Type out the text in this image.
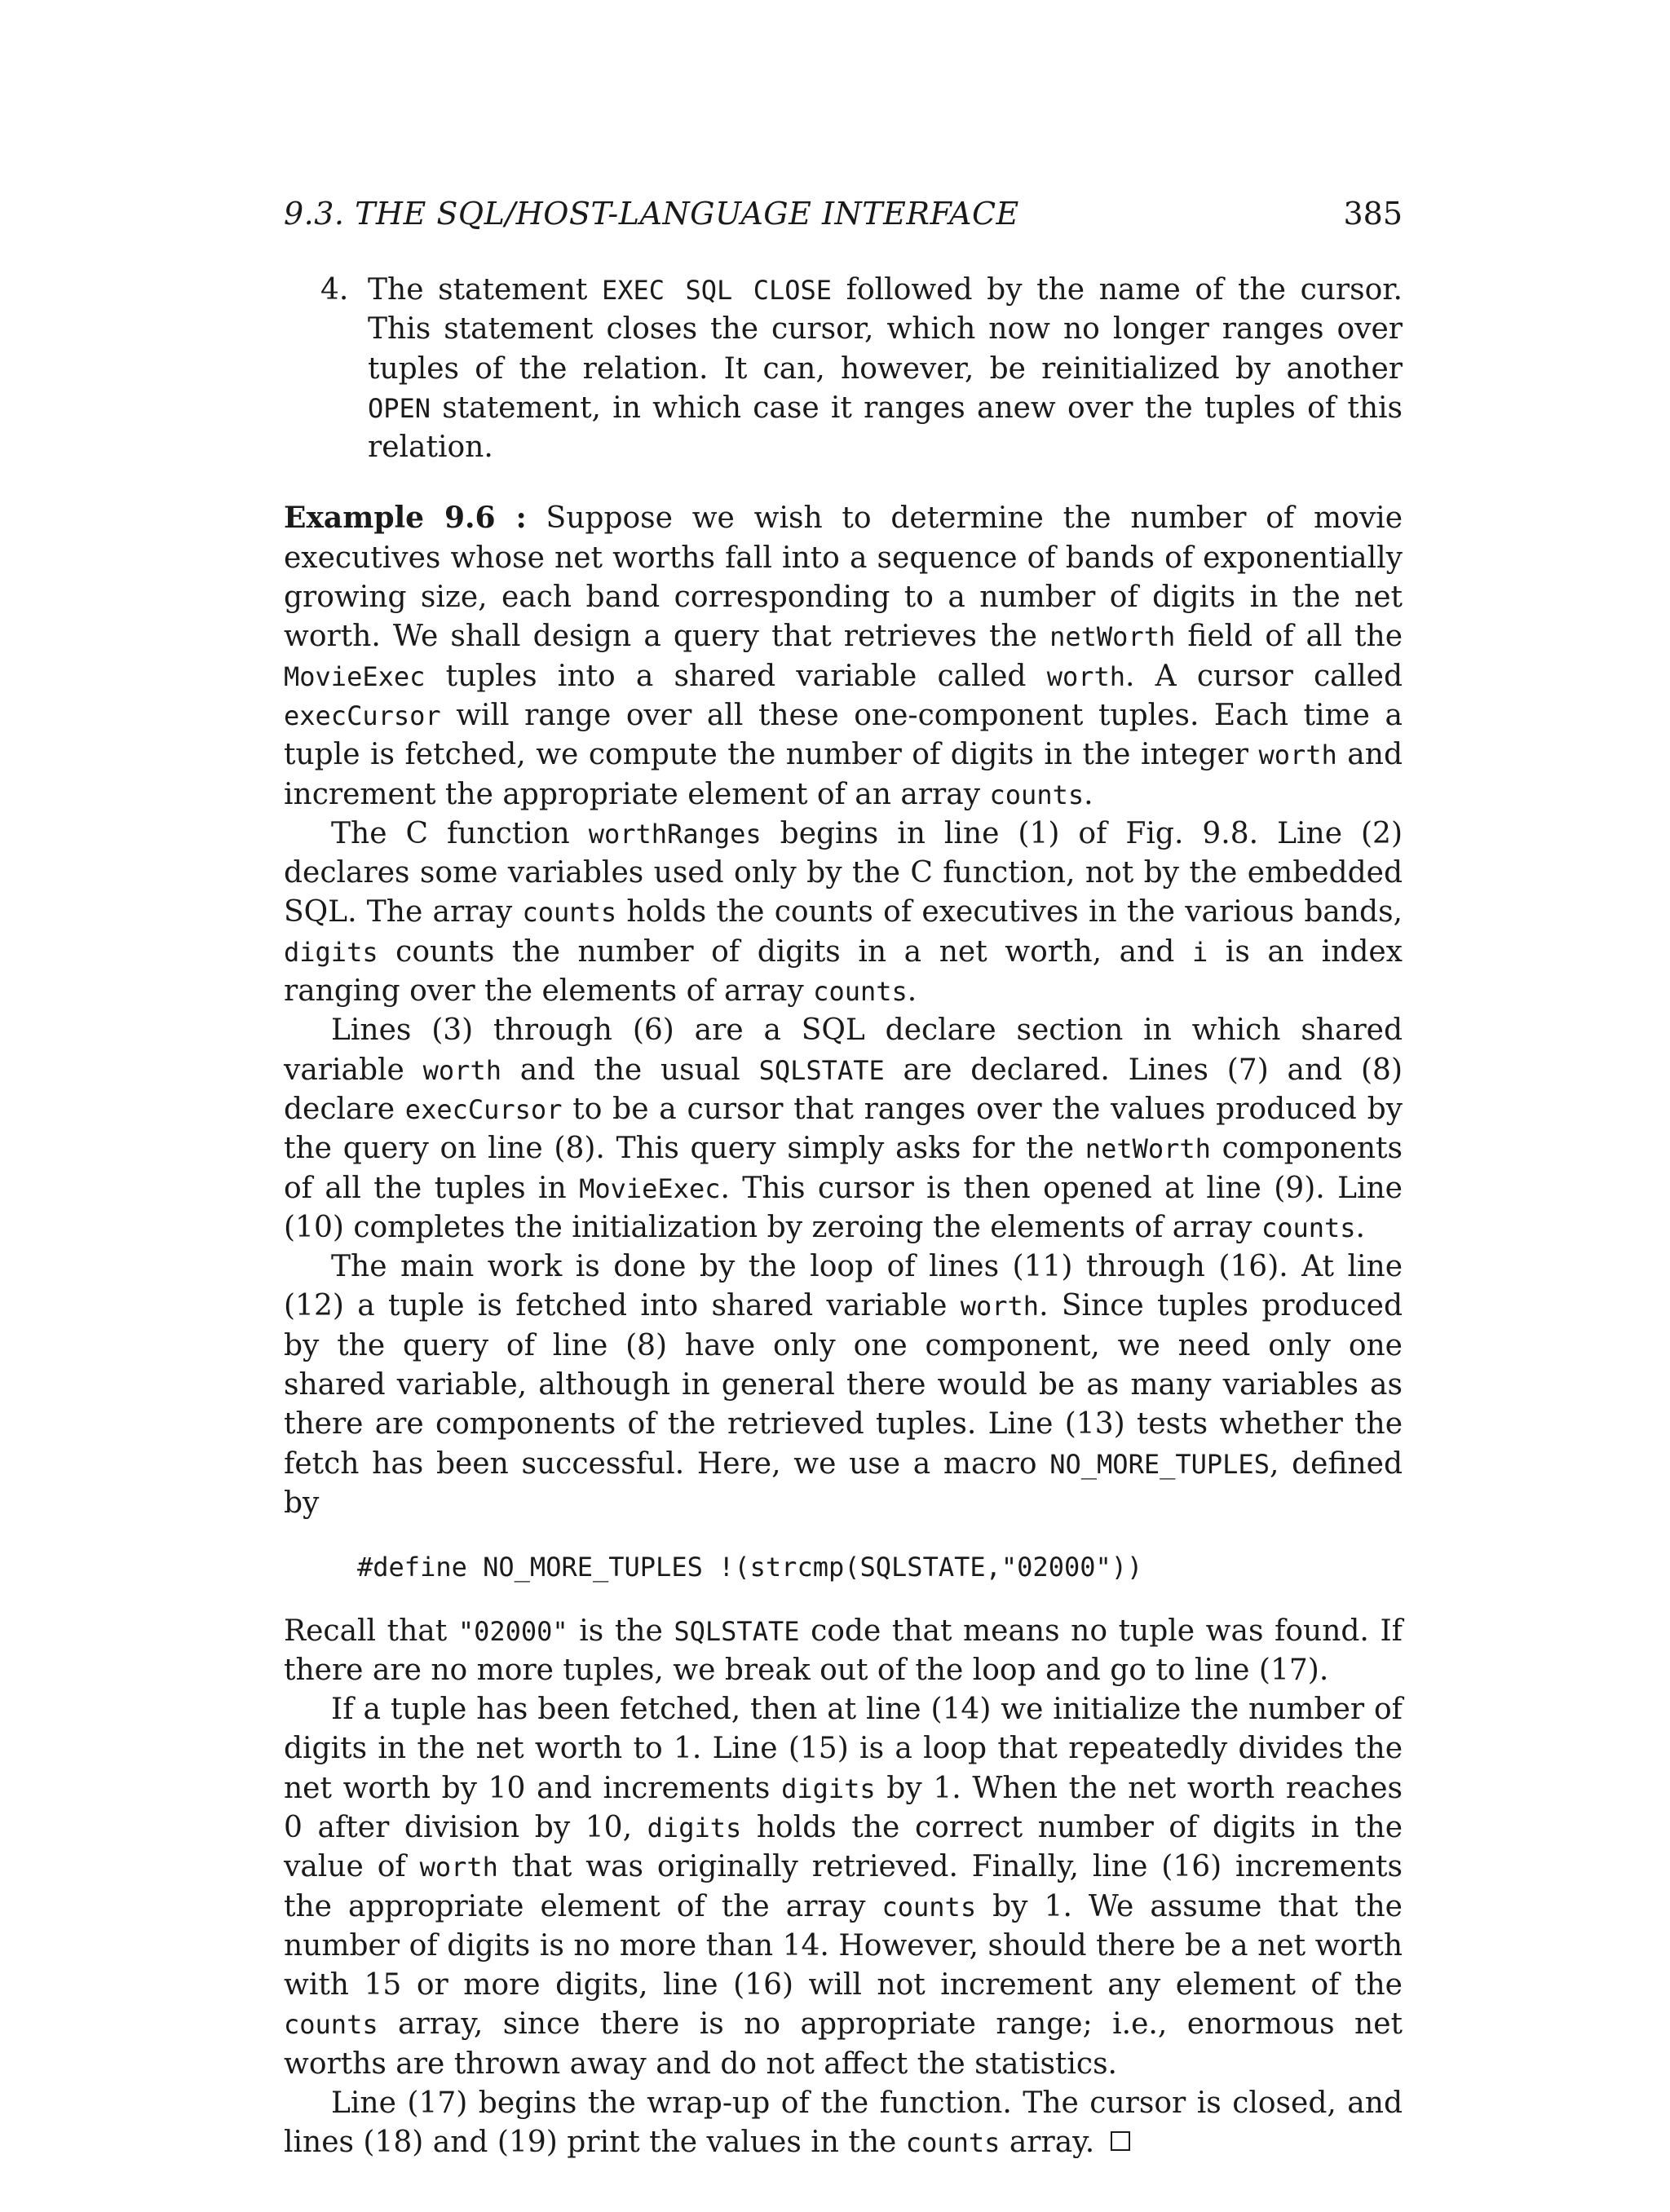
9.3. THE SQL/HOST-LANGUAGE INTERFACE	385

4. The statement EXEC SQL CLOSE followed by the name of the cursor. This statement closes the cursor, which now no longer ranges over tuples of the relation. It can, however, be reinitialized by another OPEN statement, in which case it ranges anew over the tuples of this relation.

Example 9.6 : Suppose we wish to determine the number of movie executives whose net worths fall into a sequence of bands of exponentially growing size, each band corresponding to a number of digits in the net worth. We shall design a query that retrieves the netWorth field of all the MovieExec tuples into a shared variable called worth. A cursor called execCursor will range over all these one-component tuples. Each time a tuple is fetched, we compute the number of digits in the integer worth and increment the appropriate element of an array counts.

The C function worthRanges begins in line (1) of Fig. 9.8. Line (2) declares some variables used only by the C function, not by the embedded SQL. The array counts holds the counts of executives in the various bands, digits counts the number of digits in a net worth, and i is an index ranging over the elements of array counts.

Lines (3) through (6) are a SQL declare section in which shared variable worth and the usual SQLSTATE are declared. Lines (7) and (8) declare execCursor to be a cursor that ranges over the values produced by the query on line (8). This query simply asks for the netWorth components of all the tuples in MovieExec. This cursor is then opened at line (9). Line (10) completes the initialization by zeroing the elements of array counts.

The main work is done by the loop of lines (11) through (16). At line (12) a tuple is fetched into shared variable worth. Since tuples produced by the query of line (8) have only one component, we need only one shared variable, although in general there would be as many variables as there are components of the retrieved tuples. Line (13) tests whether the fetch has been successful. Here, we use a macro NO_MORE_TUPLES, defined by

#define NO_MORE_TUPLES !(strcmp(SQLSTATE,"02000"))

Recall that "02000" is the SQLSTATE code that means no tuple was found. If there are no more tuples, we break out of the loop and go to line (17).

If a tuple has been fetched, then at line (14) we initialize the number of digits in the net worth to 1. Line (15) is a loop that repeatedly divides the net worth by 10 and increments digits by 1. When the net worth reaches 0 after division by 10, digits holds the correct number of digits in the value of worth that was originally retrieved. Finally, line (16) increments the appropriate element of the array counts by 1. We assume that the number of digits is no more than 14. However, should there be a net worth with 15 or more digits, line (16) will not increment any element of the counts array, since there is no appropriate range; i.e., enormous net worths are thrown away and do not affect the statistics.

Line (17) begins the wrap-up of the function. The cursor is closed, and lines (18) and (19) print the values in the counts array.
